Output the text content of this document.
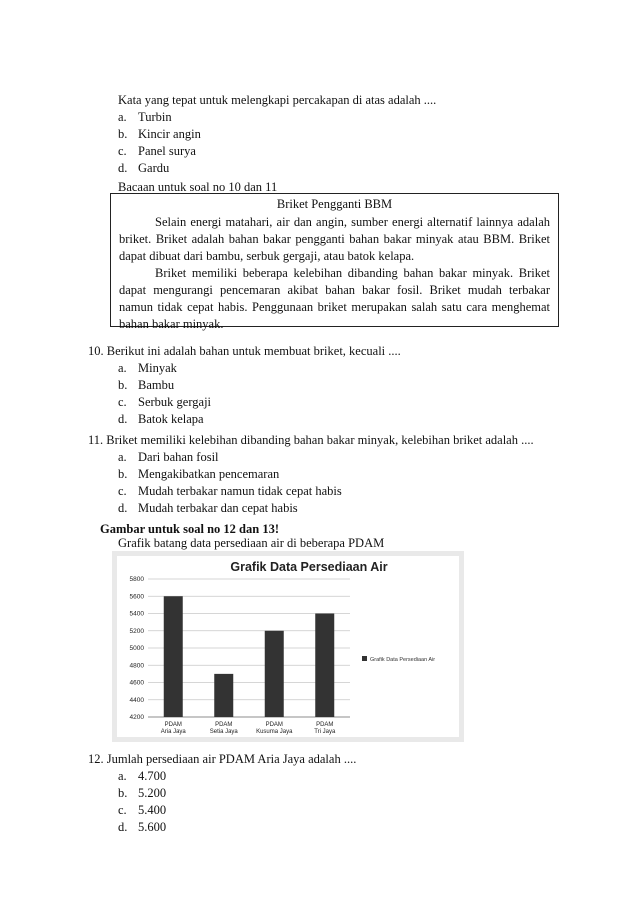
Kata yang tepat untuk melengkapi percakapan di atas adalah ....
a. Turbin
b. Kincir angin
c. Panel surya
d. Gardu
Bacaan untuk soal no 10 dan 11
Briket Pengganti BBM
Selain energi matahari, air dan angin, sumber energi alternatif lainnya adalah briket. Briket adalah bahan bakar pengganti bahan bakar minyak atau BBM. Briket dapat dibuat dari bambu, serbuk gergaji, atau batok kelapa.
Briket memiliki beberapa kelebihan dibanding bahan bakar minyak. Briket dapat mengurangi pencemaran akibat bahan bakar fosil. Briket mudah terbakar namun tidak cepat habis. Penggunaan briket merupakan salah satu cara menghemat bahan bakar minyak.
10. Berikut ini adalah bahan untuk membuat briket, kecuali ....
a. Minyak
b. Bambu
c. Serbuk gergaji
d. Batok kelapa
11. Briket memiliki kelebihan dibanding bahan bakar minyak, kelebihan briket adalah ....
a. Dari bahan fosil
b. Mengakibatkan pencemaran
c. Mudah terbakar namun tidak cepat habis
d. Mudah terbakar dan cepat habis
Gambar untuk soal no 12 dan 13!
Grafik batang data persediaan air di beberapa PDAM
Grafik Data Persediaan Air
4200
4400
4600
4800
5000
5200
5400
5600
5800
PDAM
Aria Jaya
PDAM
Setia Jaya
PDAM
Kusuma Jaya
PDAM
Tri Jaya
Grafik Data Persediaan Air
12. Jumlah persediaan air PDAM Aria Jaya adalah ....
a. 4.700
b. 5.200
c. 5.400
d. 5.600
